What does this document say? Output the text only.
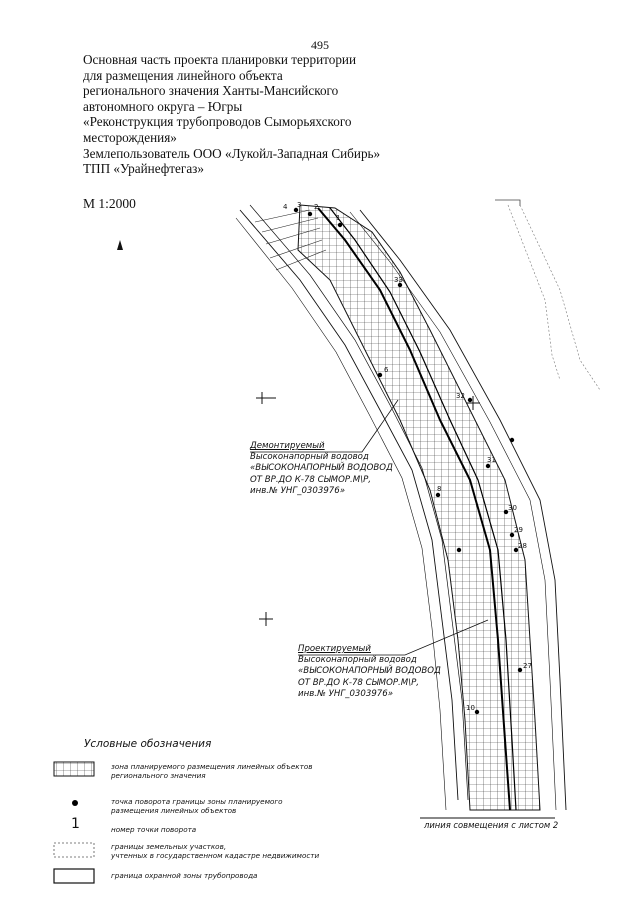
495
Основная часть проекта планировки территории
для размещения линейного объекта
регионального значения Ханты-Мансийского
автономного округа – Югры
«Реконструкция трубопроводов Сыморьяхского
месторождения»
Землепользователь ООО «Лукойл-Западная Сибирь»
ТПП «Урайнефтегаз»
М 1:2000
33
32
31
30
29
28
27
10
4 3 2
1
6
8
Демонтируемый
Высоконапорный водовод
«ВЫСОКОНАПОРНЫЙ ВОДОВОД
ОТ ВР.ДО К-78 СЫМОР.М\Р,
инв.№ УНГ_0303976»
Проектируемый
Высоконапорный водовод
«ВЫСОКОНАПОРНЫЙ ВОДОВОД
ОТ ВР.ДО К-78 СЫМОР.М\Р,
инв.№ УНГ_0303976»
линия совмещения с листом 2
Условные обозначения
зона планируемого размещения линейных объектов
регионального значения
точка поворота границы зоны планируемого
размещения линейных объектов
1	номер точки поворота
границы земельных участков,
учтенных в государственном кадастре недвижимости
граница охранной зоны трубопровода
